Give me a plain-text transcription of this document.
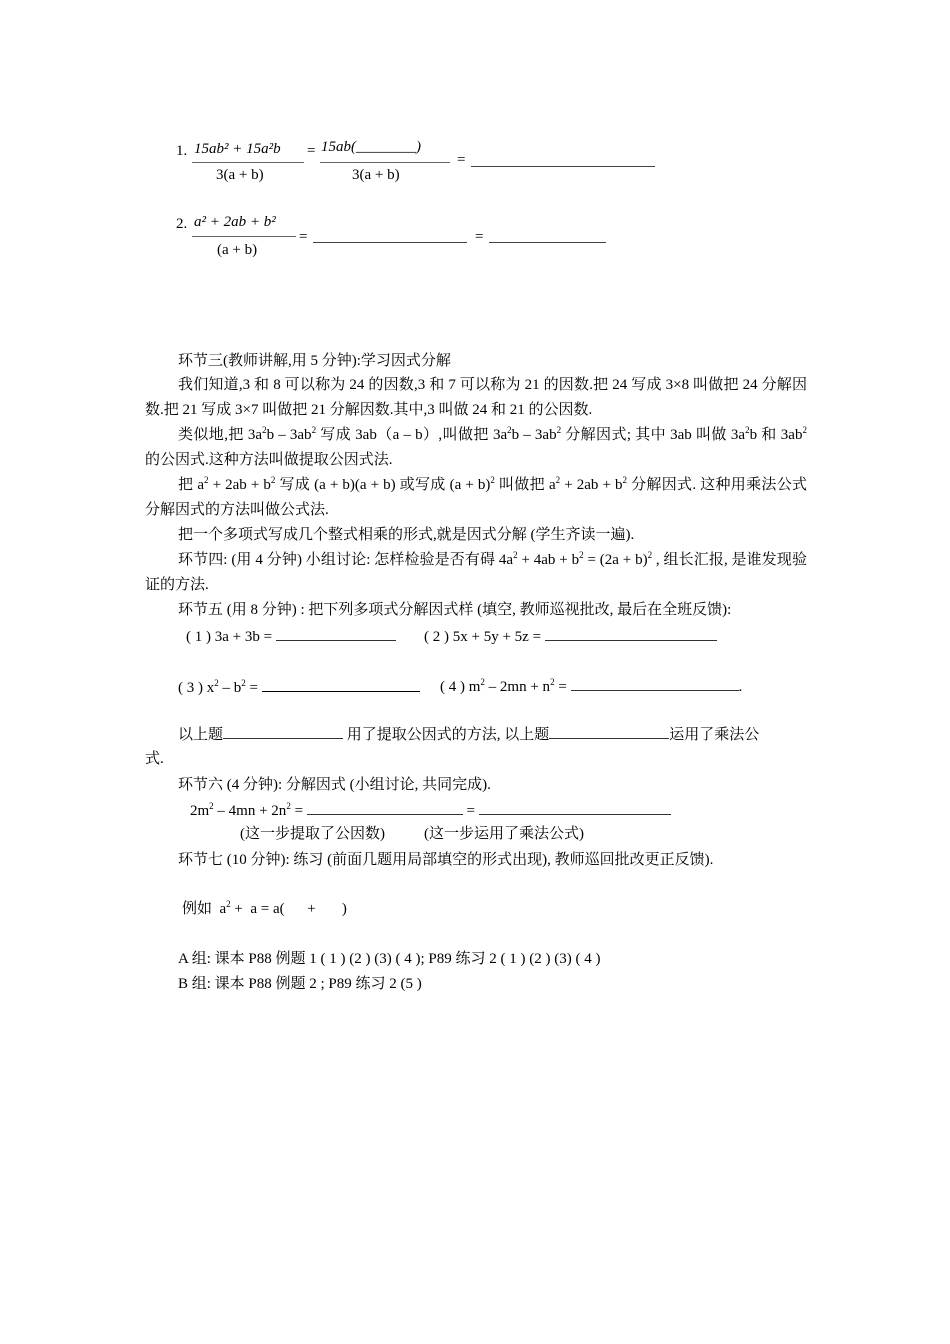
1. 15ab² + 15a²b
3(a + b)
= 15ab(________)
3(a + b)
=
2. a² + 2ab + b²
(a + b)
=	=
环节三(教师讲解,用 5 分钟):学习因式分解
我们知道,3 和 8 可以称为 24 的因数,3 和 7 可以称为 21 的因数.把 24 写成 3×8 叫做把 24 分解因数.把 21 写成 3×7 叫做把 21 分解因数.其中,3 叫做 24 和 21 的公因数.
类似地,把 $3a^2b - 3ab^2$ 写成 3ab（a – b）,叫做把 $3a^2b - 3ab^2$ 分解因式; 其中 3ab 叫做 $3a^2b$ 和 $3ab^2$ 的公因式.这种方法叫做提取公因式法.
把 $a^2 + 2ab + b^2$ 写成 (a + b)(a + b) 或写成 $(a + b)^2$ 叫做把 $a^2 + 2ab + b^2$ 分解因式. 这种用乘法公式分解因式的方法叫做公式法.
把一个多项式写成几个整式相乘的形式,就是因式分解 (学生齐读一遍).
环节四: (用 4 分钟) 小组讨论: 怎样检验是否有碍 $4a^2 + 4ab + b^2 = (2a + b)^2$ , 组长汇报, 是谁发现验证的方法.
环节五 (用 8 分钟) : 把下列多项式分解因式样 (填空, 教师巡视批改, 最后在全班反馈):
( 1 ) 3a + 3b =	( 2 ) 5x + 5y + 5z =
( 3 ) $x^2 - b^2$ =	( 4 ) $m^2 - 2mn + n^2$ =	.
以上题	用了提取公因式的方法, 以上题	运用了乘法公
式.
环节六 (4 分钟): 分解因式 (小组讨论, 共同完成).
$2m^2 - 4mn + 2n^2$ =	=
(这一步提取了公因数)	(这一步运用了乘法公式)
环节七 (10 分钟): 练习 (前面几题用局部填空的形式出现), 教师巡回批改更正反馈).
例如  $a^2 + a = a$(      +       )
A 组: 课本 P88 例题 1 ( 1 ) (2 ) (3) ( 4 ); P89 练习 2 ( 1 ) (2 ) (3) ( 4 )
B 组: 课本 P88 例题 2 ; P89 练习 2 (5 )
